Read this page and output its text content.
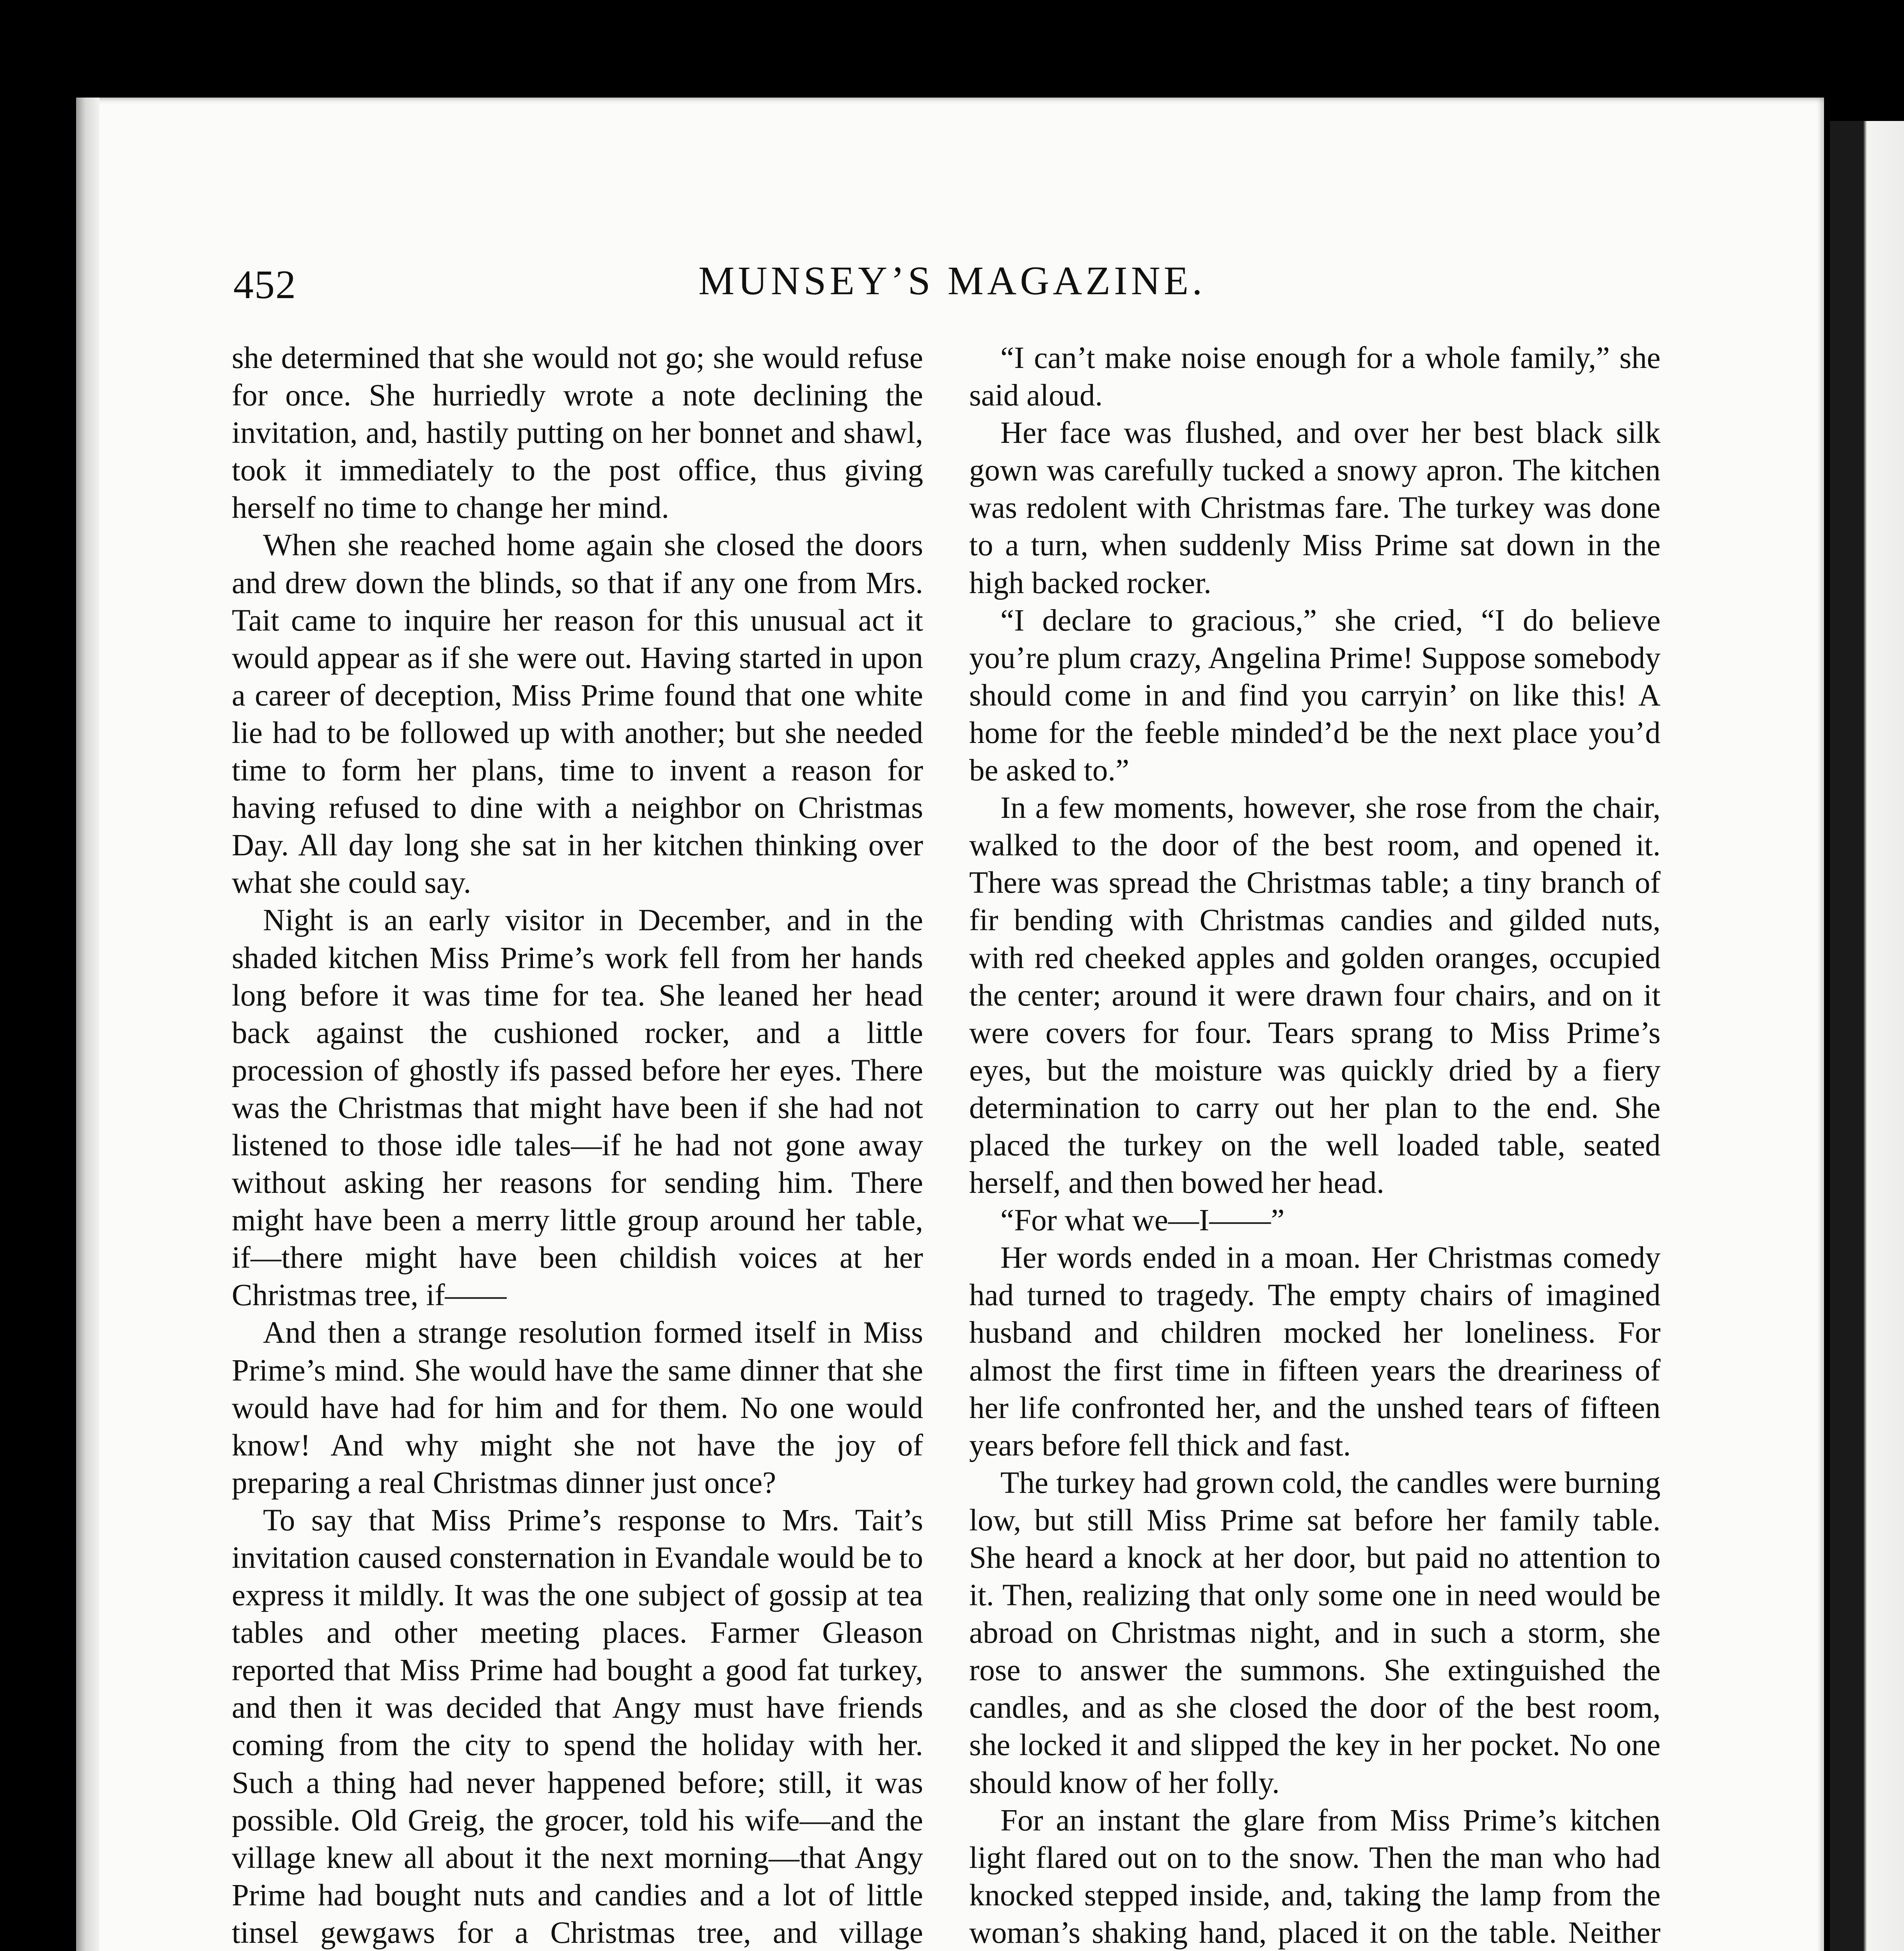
452	MUNSEY’S MAGAZINE.

she determined that she would not go; she would refuse for once. She hurriedly wrote a note declining the invitation, and, hastily putting on her bonnet and shawl, took it immediately to the post office, thus giving herself no time to change her mind.

When she reached home again she closed the doors and drew down the blinds, so that if any one from Mrs. Tait came to inquire her reason for this unusual act it would appear as if she were out. Having started in upon a career of deception, Miss Prime found that one white lie had to be followed up with another; but she needed time to form her plans, time to invent a reason for having refused to dine with a neighbor on Christmas Day. All day long she sat in her kitchen thinking over what she could say.

Night is an early visitor in December, and in the shaded kitchen Miss Prime’s work fell from her hands long before it was time for tea. She leaned her head back against the cushioned rocker, and a little procession of ghostly ifs passed before her eyes. There was the Christmas that might have been if she had not listened to those idle tales—if he had not gone away without asking her reasons for sending him. There might have been a merry little group around her table, if—there might have been childish voices at her Christmas tree, if——

And then a strange resolution formed itself in Miss Prime’s mind. She would have the same dinner that she would have had for him and for them. No one would know! And why might she not have the joy of preparing a real Christmas dinner just once?

To say that Miss Prime’s response to Mrs. Tait’s invitation caused consternation in Evandale would be to express it mildly. It was the one subject of gossip at tea tables and other meeting places. Farmer Gleason reported that Miss Prime had bought a good fat turkey, and then it was decided that Angy must have friends coming from the city to spend the holiday with her. Such a thing had never happened before; still, it was possible. Old Greig, the grocer, told his wife—and the village knew all about it the next morning—that Angy Prime had bought nuts and candies and a lot of little tinsel gewgaws for a Christmas tree, and village

“I can’t make noise enough for a whole family,” she said aloud.

Her face was flushed, and over her best black silk gown was carefully tucked a snowy apron. The kitchen was redolent with Christmas fare. The turkey was done to a turn, when suddenly Miss Prime sat down in the high backed rocker.

“I declare to gracious,” she cried, “I do believe you’re plum crazy, Angelina Prime! Suppose somebody should come in and find you carryin’ on like this! A home for the feeble minded’d be the next place you’d be asked to.”

In a few moments, however, she rose from the chair, walked to the door of the best room, and opened it. There was spread the Christmas table; a tiny branch of fir bending with Christmas candies and gilded nuts, with red cheeked apples and golden oranges, occupied the center; around it were drawn four chairs, and on it were covers for four. Tears sprang to Miss Prime’s eyes, but the moisture was quickly dried by a fiery determination to carry out her plan to the end. She placed the turkey on the well loaded table, seated herself, and then bowed her head.

“For what we—I——”

Her words ended in a moan. Her Christmas comedy had turned to tragedy. The empty chairs of imagined husband and children mocked her loneliness. For almost the first time in fifteen years the dreariness of her life confronted her, and the unshed tears of fifteen years before fell thick and fast.

The turkey had grown cold, the candles were burning low, but still Miss Prime sat before her family table. She heard a knock at her door, but paid no attention to it. Then, realizing that only some one in need would be abroad on Christmas night, and in such a storm, she rose to answer the summons. She extinguished the candles, and as she closed the door of the best room, she locked it and slipped the key in her pocket. No one should know of her folly.

For an instant the glare from Miss Prime’s kitchen light flared out on to the snow. Then the man who had knocked stepped inside, and, taking the lamp from the woman’s shaking hand, placed it on the table. Neither
